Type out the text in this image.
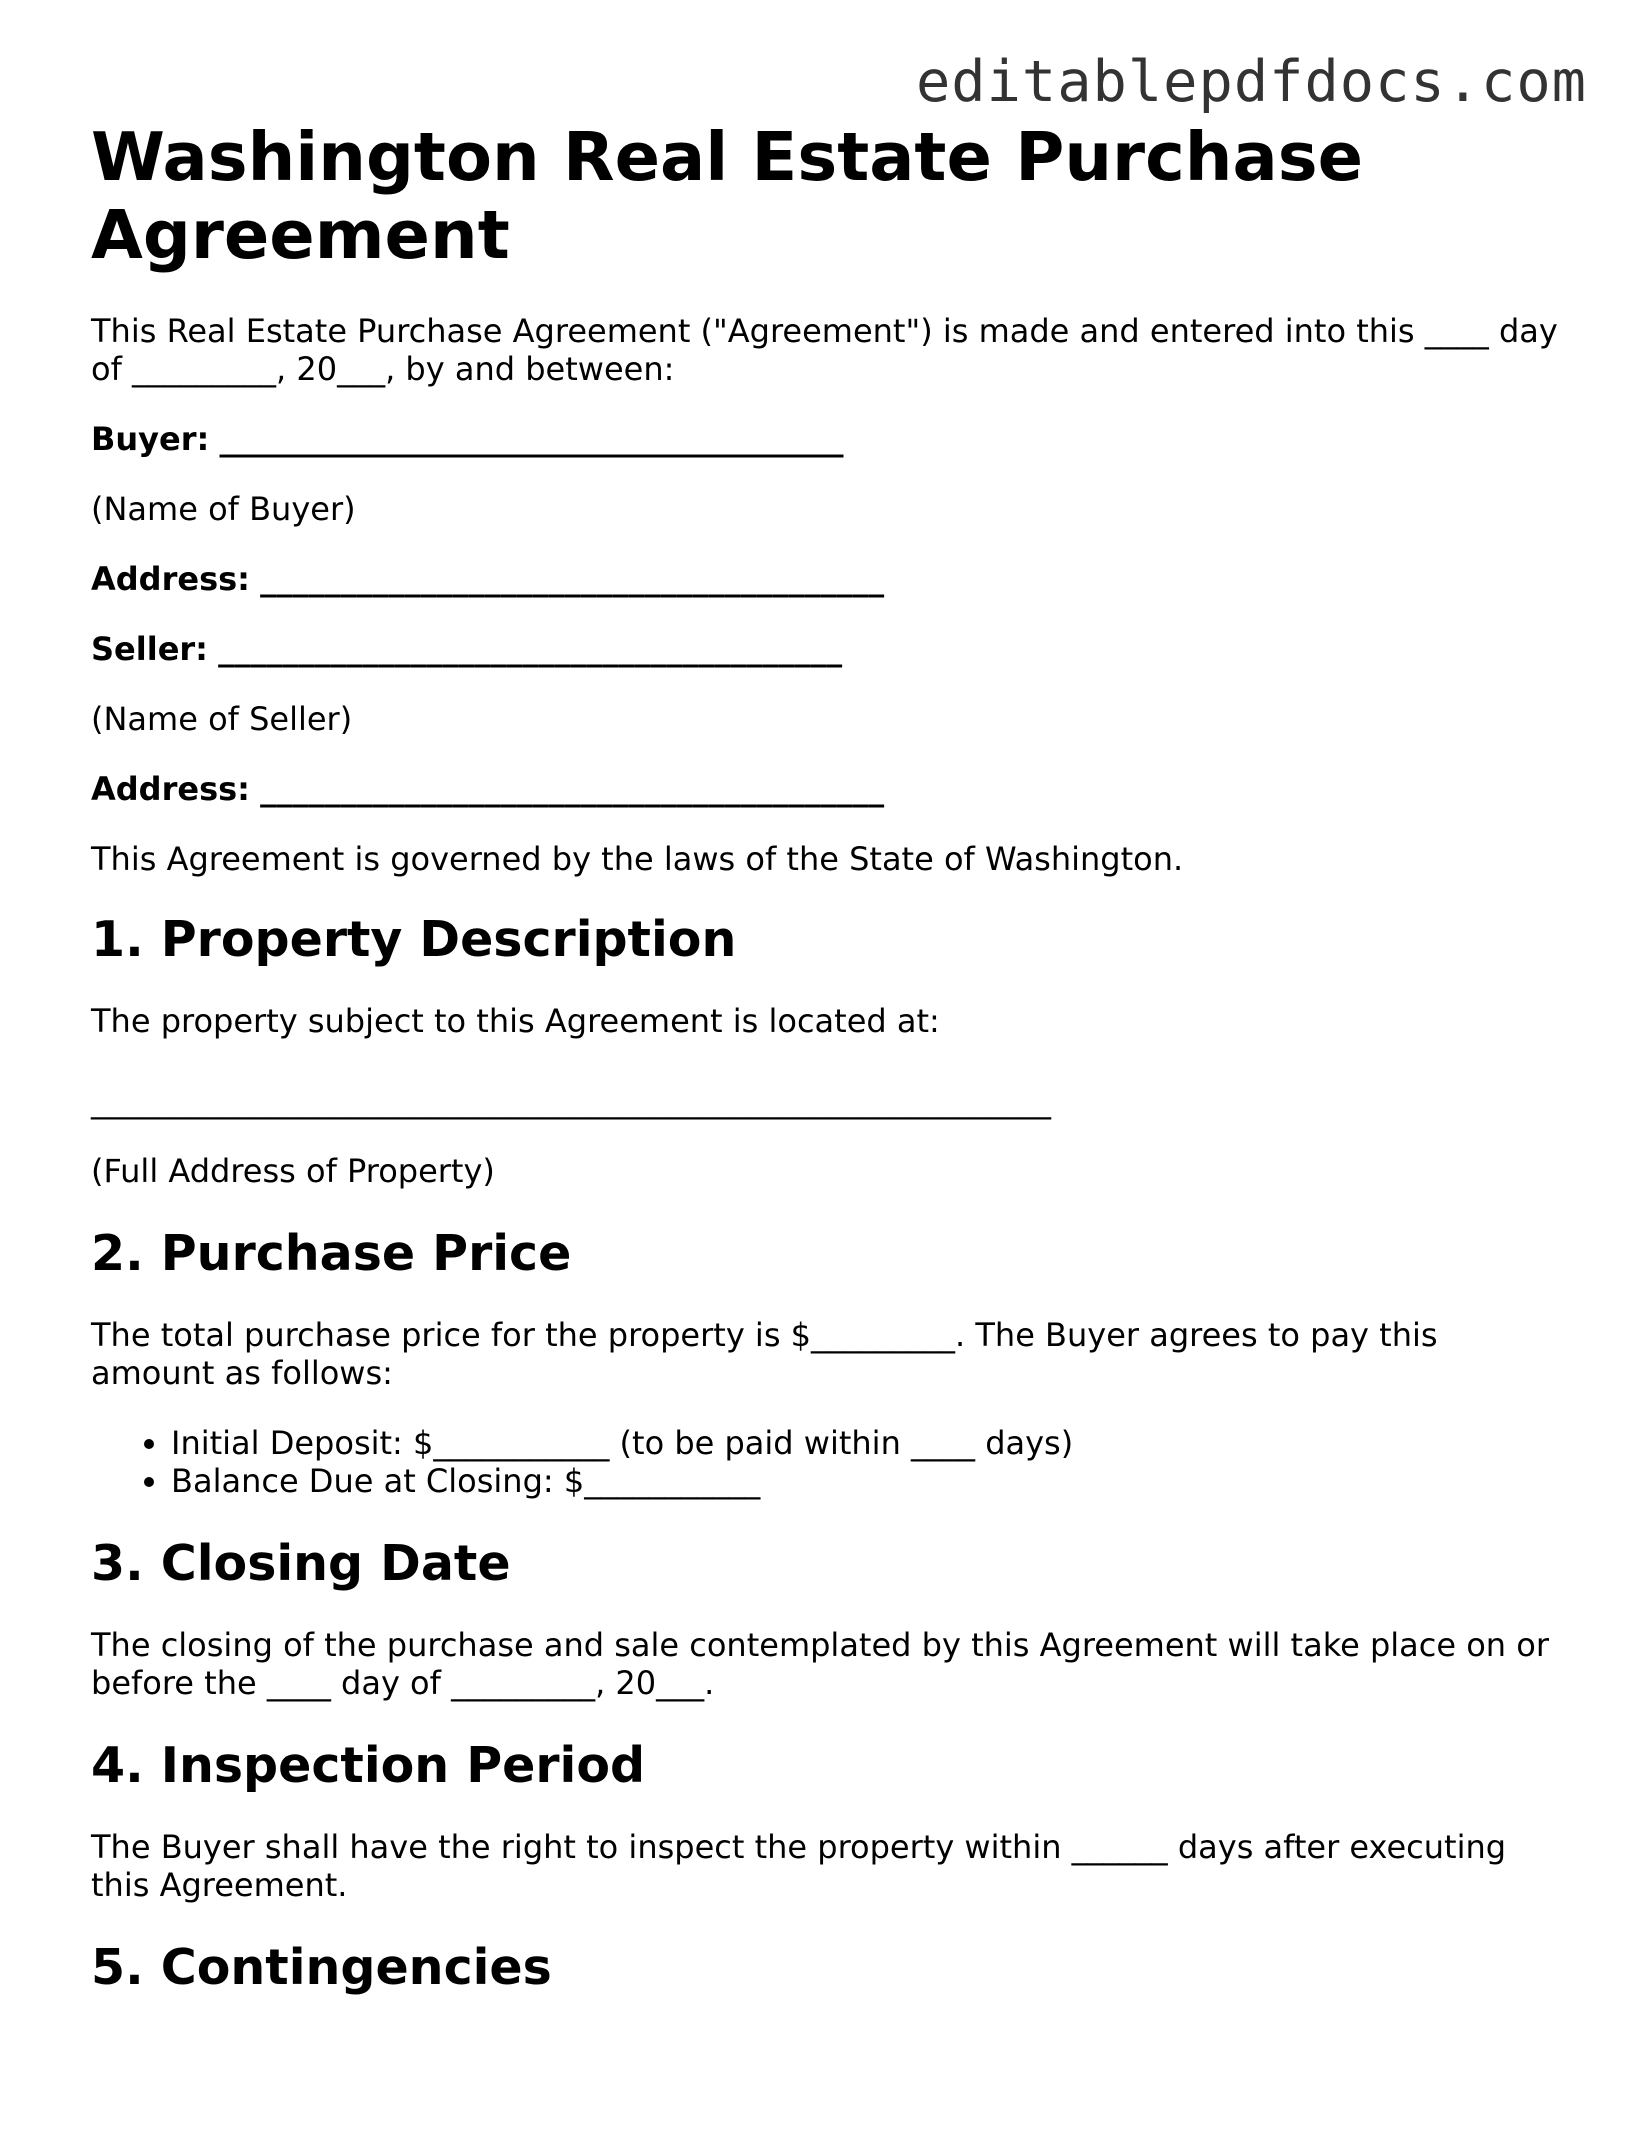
editablepdfdocs.com
Washington Real Estate Purchase Agreement

This Real Estate Purchase Agreement ("Agreement") is made and entered into this ____ day of _________, 20___, by and between:

Buyer: _______________________________________

(Name of Buyer)

Address: _______________________________________

Seller: _______________________________________

(Name of Seller)

Address: _______________________________________

This Agreement is governed by the laws of the State of Washington.

1. Property Description

The property subject to this Agreement is located at:

____________________________________________________________

(Full Address of Property)

2. Purchase Price

The total purchase price for the property is $_________. The Buyer agrees to pay this amount as follows:

• Initial Deposit: $___________ (to be paid within ____ days)
• Balance Due at Closing: $___________
3. Closing Date

The closing of the purchase and sale contemplated by this Agreement will take place on or before the ____ day of _________, 20___.

4. Inspection Period

The Buyer shall have the right to inspect the property within ______ days after executing this Agreement.

5. Contingencies
